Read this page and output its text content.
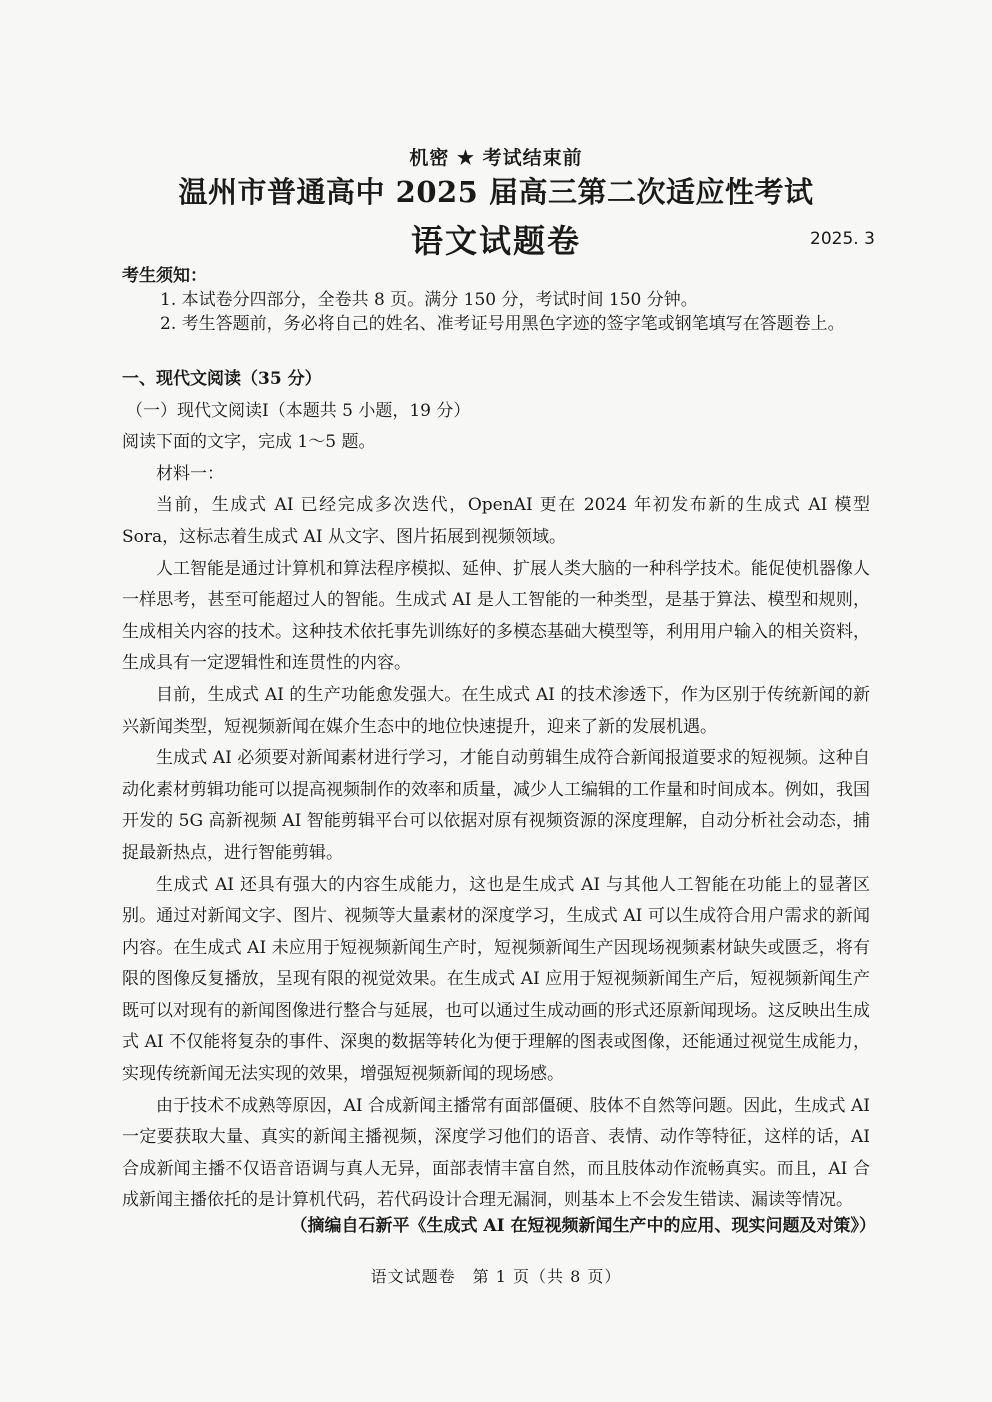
机密 ★ 考试结束前
温州市普通高中 2025 届高三第二次适应性考试
语文试题卷	2025. 3
考生须知：
1. 本试卷分四部分，全卷共 8 页。满分 150 分，考试时间 150 分钟。
2. 考生答题前，务必将自己的姓名、准考证号用黑色字迹的签字笔或钢笔填写在答题卷上。
一、现代文阅读（35 分）
（一）现代文阅读Ⅰ（本题共 5 小题，19 分）
阅读下面的文字，完成 1～5 题。
材料一：

当前，生成式 AI 已经完成多次迭代，OpenAI 更在 2024 年初发布新的生成式 AI 模型 Sora，这标志着生成式 AI 从文字、图片拓展到视频领域。

人工智能是通过计算机和算法程序模拟、延伸、扩展人类大脑的一种科学技术。能促使机器像人一样思考，甚至可能超过人的智能。生成式 AI 是人工智能的一种类型，是基于算法、模型和规则，生成相关内容的技术。这种技术依托事先训练好的多模态基础大模型等，利用用户输入的相关资料，生成具有一定逻辑性和连贯性的内容。

目前，生成式 AI 的生产功能愈发强大。在生成式 AI 的技术渗透下，作为区别于传统新闻的新兴新闻类型，短视频新闻在媒介生态中的地位快速提升，迎来了新的发展机遇。

生成式 AI 必须要对新闻素材进行学习，才能自动剪辑生成符合新闻报道要求的短视频。这种自动化素材剪辑功能可以提高视频制作的效率和质量，减少人工编辑的工作量和时间成本。例如，我国开发的 5G 高新视频 AI 智能剪辑平台可以依据对原有视频资源的深度理解，自动分析社会动态，捕捉最新热点，进行智能剪辑。

生成式 AI 还具有强大的内容生成能力，这也是生成式 AI 与其他人工智能在功能上的显著区别。通过对新闻文字、图片、视频等大量素材的深度学习，生成式 AI 可以生成符合用户需求的新闻内容。在生成式 AI 未应用于短视频新闻生产时，短视频新闻生产因现场视频素材缺失或匮乏，将有限的图像反复播放，呈现有限的视觉效果。在生成式 AI 应用于短视频新闻生产后，短视频新闻生产既可以对现有的新闻图像进行整合与延展，也可以通过生成动画的形式还原新闻现场。这反映出生成式 AI 不仅能将复杂的事件、深奥的数据等转化为便于理解的图表或图像，还能通过视觉生成能力，实现传统新闻无法实现的效果，增强短视频新闻的现场感。

由于技术不成熟等原因，AI 合成新闻主播常有面部僵硬、肢体不自然等问题。因此，生成式 AI 一定要获取大量、真实的新闻主播视频，深度学习他们的语音、表情、动作等特征，这样的话，AI 合成新闻主播不仅语音语调与真人无异，面部表情丰富自然，而且肢体动作流畅真实。而且，AI 合成新闻主播依托的是计算机代码，若代码设计合理无漏洞，则基本上不会发生错读、漏读等情况。

（摘编自石新平《生成式 AI 在短视频新闻生产中的应用、现实问题及对策》）
语文试题卷　第 1 页（共 8 页）
